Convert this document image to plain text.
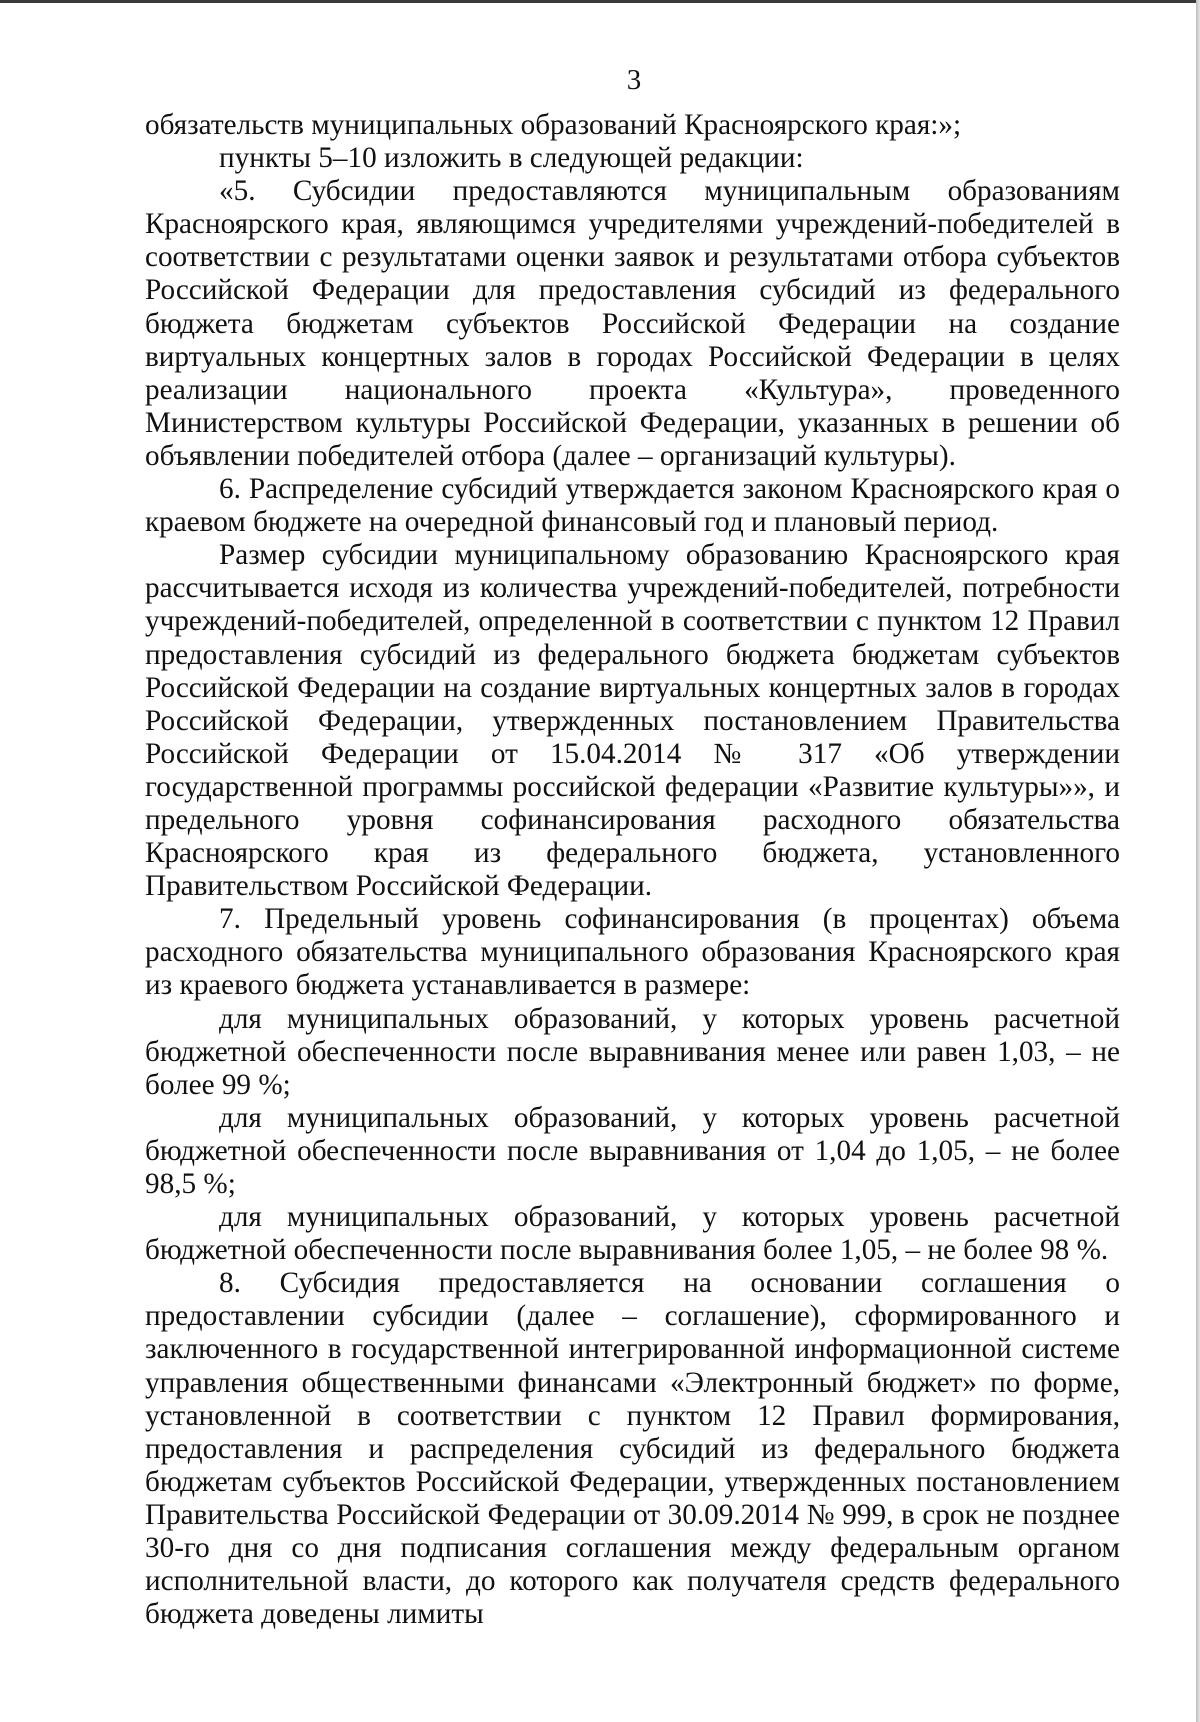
3

обязательств муниципальных образований Красноярского края:»;

пункты 5–10 изложить в следующей редакции:

«5. Субсидии предоставляются муниципальным образованиям Красноярского края, являющимся учредителями учреждений-победителей в соответствии с результатами оценки заявок и результатами отбора субъектов Российской Федерации для предоставления субсидий из федерального бюджета бюджетам субъектов Российской Федерации на создание виртуальных концертных залов в городах Российской Федерации в целях реализации национального проекта «Культура», проведенного Министерством культуры Российской Федерации, указанных в решении об объявлении победителей отбора (далее – организаций культуры).

6. Распределение субсидий утверждается законом Красноярского края о краевом бюджете на очередной финансовый год и плановый период.

Размер субсидии муниципальному образованию Красноярского края рассчитывается исходя из количества учреждений-победителей, потребности учреждений-победителей, определенной в соответствии с пунктом 12 Правил предоставления субсидий из федерального бюджета бюджетам субъектов Российской Федерации на создание виртуальных концертных залов в городах Российской Федерации, утвержденных постановлением Правительства Российской Федерации от 15.04.2014 № 317 «Об утверждении государственной программы российской федерации «Развитие культуры»», и предельного уровня софинансирования расходного обязательства Красноярского края из федерального бюджета, установленного Правительством Российской Федерации.

7. Предельный уровень софинансирования (в процентах) объема расходного обязательства муниципального образования Красноярского края из краевого бюджета устанавливается в размере:

для муниципальных образований, у которых уровень расчетной бюджетной обеспеченности после выравнивания менее или равен 1,03, – не более 99 %;

для муниципальных образований, у которых уровень расчетной бюджетной обеспеченности после выравнивания от 1,04 до 1,05, – не более 98,5 %;

для муниципальных образований, у которых уровень расчетной бюджетной обеспеченности после выравнивания более 1,05, – не более 98 %.

8. Субсидия предоставляется на основании соглашения о предоставлении субсидии (далее – соглашение), сформированного и заключенного в государственной интегрированной информационной системе управления общественными финансами «Электронный бюджет» по форме, установленной в соответствии с пунктом 12 Правил формирования, предоставления и распределения субсидий из федерального бюджета бюджетам субъектов Российской Федерации, утвержденных постановлением Правительства Российской Федерации от 30.09.2014 № 999, в срок не позднее 30-го дня со дня подписания соглашения между федеральным органом исполнительной власти, до которого как получателя средств федерального бюджета доведены лимиты
